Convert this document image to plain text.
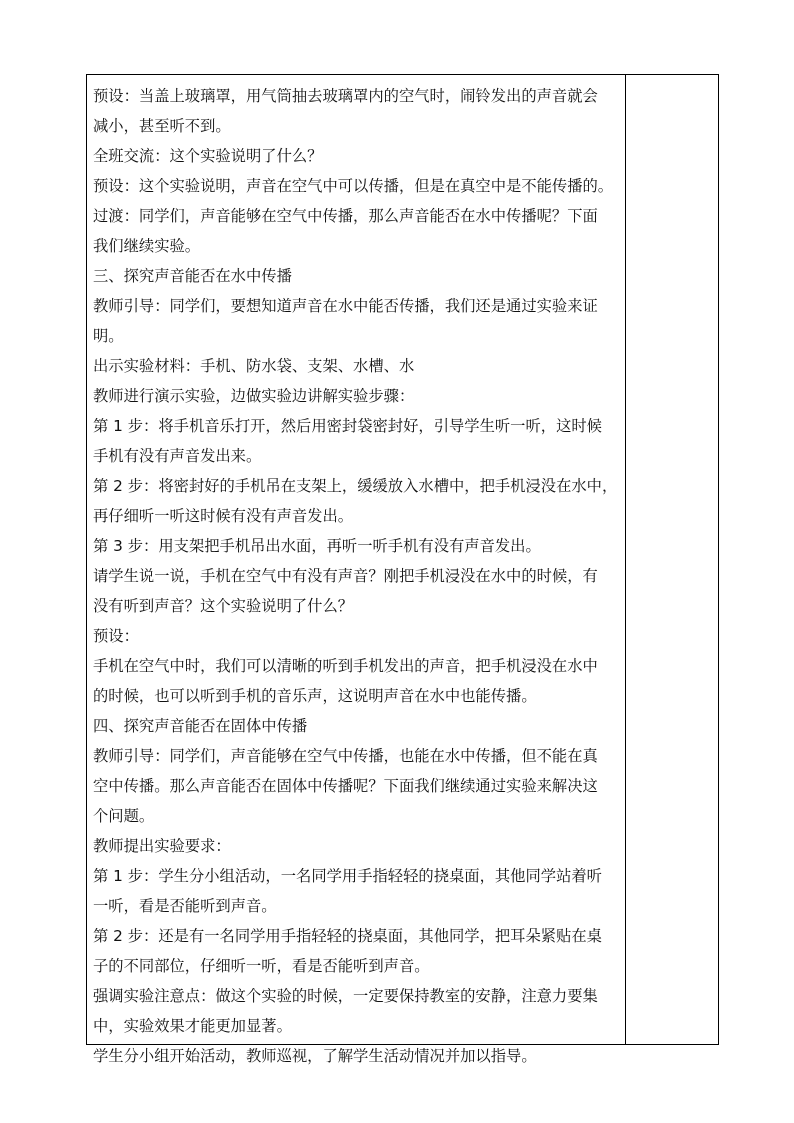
预设：当盖上玻璃罩，用气筒抽去玻璃罩内的空气时，闹铃发出的声音就会

减小，甚至听不到。

全班交流：这个实验说明了什么？

预设：这个实验说明，声音在空气中可以传播，但是在真空中是不能传播的。

过渡：同学们，声音能够在空气中传播，那么声音能否在水中传播呢？下面

我们继续实验。

三、探究声音能否在水中传播

教师引导：同学们，要想知道声音在水中能否传播，我们还是通过实验来证

明。

出示实验材料：手机、防水袋、支架、水槽、水

教师进行演示实验，边做实验边讲解实验步骤：

第 1 步：将手机音乐打开，然后用密封袋密封好，引导学生听一听，这时候

手机有没有声音发出来。

第 2 步：将密封好的手机吊在支架上，缓缓放入水槽中，把手机浸没在水中，

再仔细听一听这时候有没有声音发出。

第 3 步：用支架把手机吊出水面，再听一听手机有没有声音发出。

请学生说一说，手机在空气中有没有声音？刚把手机浸没在水中的时候，有

没有听到声音？这个实验说明了什么？

预设：

手机在空气中时，我们可以清晰的听到手机发出的声音，把手机浸没在水中

的时候，也可以听到手机的音乐声，这说明声音在水中也能传播。

四、探究声音能否在固体中传播

教师引导：同学们，声音能够在空气中传播，也能在水中传播，但不能在真

空中传播。那么声音能否在固体中传播呢？下面我们继续通过实验来解决这

个问题。

教师提出实验要求：

第 1 步：学生分小组活动，一名同学用手指轻轻的挠桌面，其他同学站着听

一听，看是否能听到声音。

第 2 步：还是有一名同学用手指轻轻的挠桌面，其他同学，把耳朵紧贴在桌

子的不同部位，仔细听一听，看是否能听到声音。

强调实验注意点：做这个实验的时候，一定要保持教室的安静，注意力要集

中，实验效果才能更加显著。

学生分小组开始活动，教师巡视，了解学生活动情况并加以指导。
